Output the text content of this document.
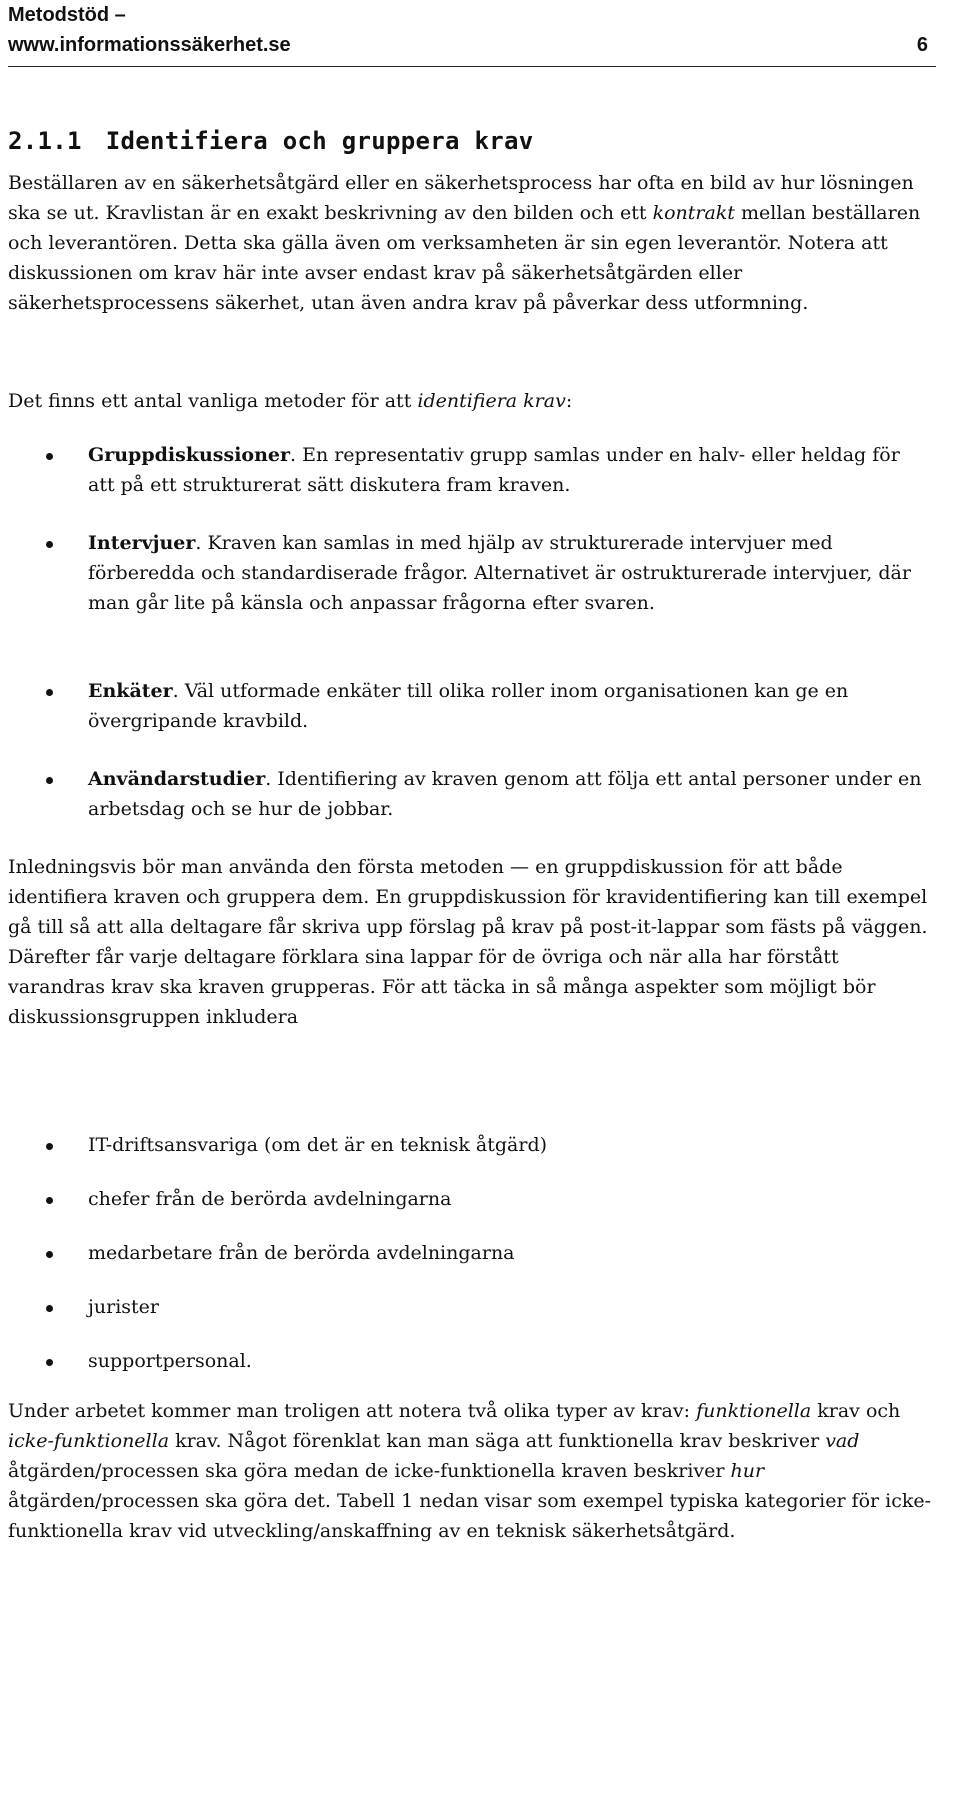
Metodstöd –
www.informationssäkerhet.se	6
2.1.1 Identifiera och gruppera krav
Beställaren av en säkerhetsåtgärd eller en säkerhetsprocess har ofta en bild av hur lösningen ska se ut. Kravlistan är en exakt beskrivning av den bilden och ett kontrakt mellan beställaren och leverantören. Detta ska gälla även om verksamheten är sin egen leverantör. Notera att diskussionen om krav här inte avser endast krav på säkerhetsåtgärden eller säkerhetsprocessens säkerhet, utan även andra krav på påverkar dess utformning.
Det finns ett antal vanliga metoder för att identifiera krav:
Gruppdiskussioner. En representativ grupp samlas under en halv- eller heldag för att på ett strukturerat sätt diskutera fram kraven.
Intervjuer. Kraven kan samlas in med hjälp av strukturerade intervjuer med förberedda och standardiserade frågor. Alternativet är ostrukturerade intervjuer, där man går lite på känsla och anpassar frågorna efter svaren.
Enkäter. Väl utformade enkäter till olika roller inom organisationen kan ge en övergripande kravbild.
Användarstudier. Identifiering av kraven genom att följa ett antal personer under en arbetsdag och se hur de jobbar.
Inledningsvis bör man använda den första metoden — en gruppdiskussion för att både identifiera kraven och gruppera dem. En gruppdiskussion för kravidentifiering kan till exempel gå till så att alla deltagare får skriva upp förslag på krav på post-it-lappar som fästs på väggen. Därefter får varje deltagare förklara sina lappar för de övriga och när alla har förstått varandras krav ska kraven grupperas. För att täcka in så många aspekter som möjligt bör diskussionsgruppen inkludera
IT-driftsansvariga (om det är en teknisk åtgärd)
chefer från de berörda avdelningarna
medarbetare från de berörda avdelningarna
jurister
supportpersonal.
Under arbetet kommer man troligen att notera två olika typer av krav: funktionella krav och icke-funktionella krav. Något förenklat kan man säga att funktionella krav beskriver vad åtgärden/processen ska göra medan de icke-funktionella kraven beskriver hur åtgärden/processen ska göra det. Tabell 1 nedan visar som exempel typiska kategorier för icke-funktionella krav vid utveckling/anskaffning av en teknisk säkerhetsåtgärd.
